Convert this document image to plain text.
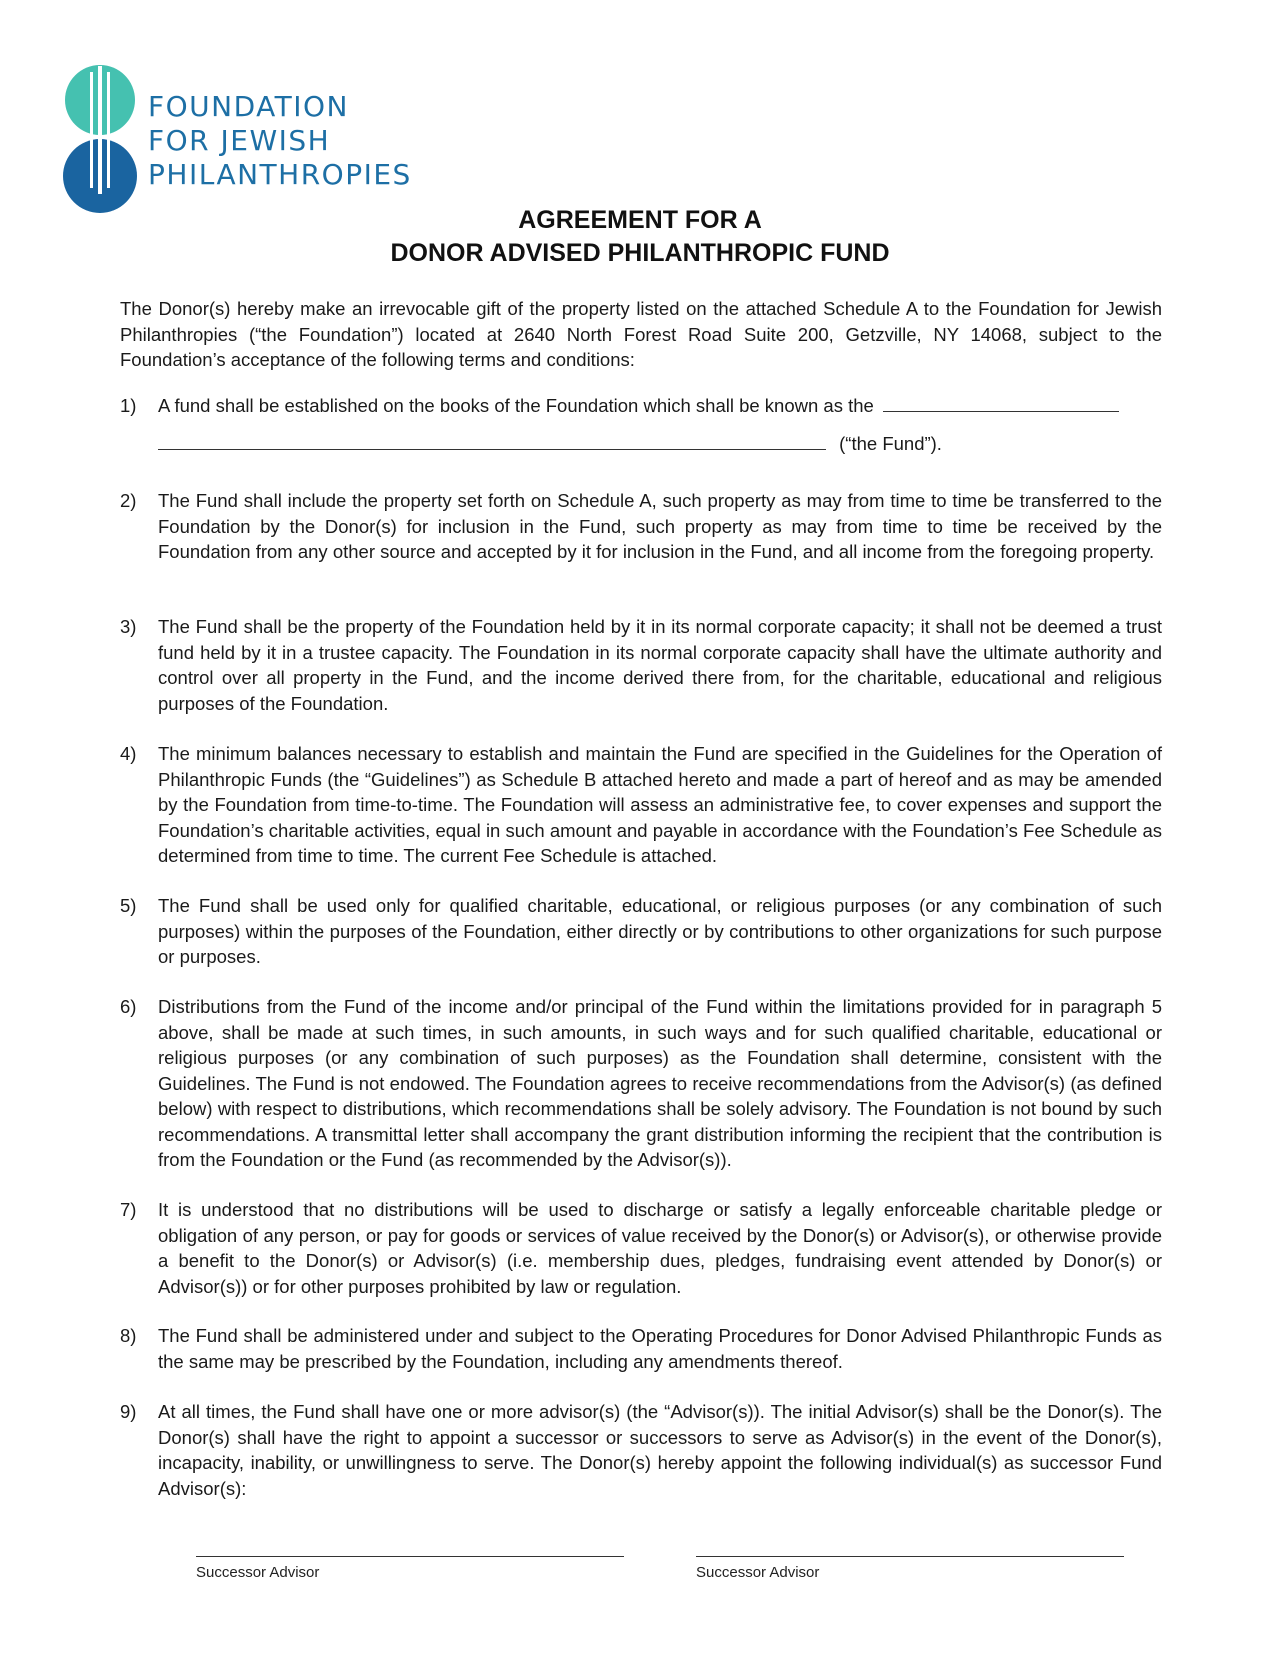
FOUNDATION
FOR JEWISH
PHILANTHROPIES
AGREEMENT FOR A
DONOR ADVISED PHILANTHROPIC FUND

The Donor(s) hereby make an irrevocable gift of the property listed on the attached Schedule A to the Foundation for Jewish Philanthropies (“the Foundation”) located at 2640 North Forest Road Suite 200, Getzville, NY 14068, subject to the Foundation’s acceptance of the following terms and conditions:

1)	A fund shall be established on the books of the Foundation which shall be known as the
(“the Fund”).
2)	The Fund shall include the property set forth on Schedule A, such property as may from time to time be transferred to the Foundation by the Donor(s) for inclusion in the Fund, such property as may from time to time be received by the Foundation from any other source and accepted by it for inclusion in the Fund, and all income from the foregoing property.
3)	The Fund shall be the property of the Foundation held by it in its normal corporate capacity; it shall not be deemed a trust fund held by it in a trustee capacity. The Foundation in its normal corporate capacity shall have the ultimate authority and control over all property in the Fund, and the income derived there from, for the charitable, educational and religious purposes of the Foundation.
4)	The minimum balances necessary to establish and maintain the Fund are specified in the Guidelines for the Operation of Philanthropic Funds (the “Guidelines”) as Schedule B attached hereto and made a part of hereof and as may be amended by the Foundation from time-to-time. The Foundation will assess an administrative fee, to cover expenses and support the Foundation’s charitable activities, equal in such amount and payable in accordance with the Foundation’s Fee Schedule as determined from time to time. The current Fee Schedule is attached.
5)	The Fund shall be used only for qualified charitable, educational, or religious purposes (or any combination of such purposes) within the purposes of the Foundation, either directly or by contributions to other organizations for such purpose or purposes.
6)	Distributions from the Fund of the income and/or principal of the Fund within the limitations provided for in paragraph 5 above, shall be made at such times, in such amounts, in such ways and for such qualified charitable, educational or religious purposes (or any combination of such purposes) as the Foundation shall determine, consistent with the Guidelines. The Fund is not endowed. The Foundation agrees to receive recommendations from the Advisor(s) (as defined below) with respect to distributions, which recommendations shall be solely advisory. The Foundation is not bound by such recommendations. A transmittal letter shall accompany the grant distribution informing the recipient that the contribution is from the Foundation or the Fund (as recommended by the Advisor(s)).
7)	It is understood that no distributions will be used to discharge or satisfy a legally enforceable charitable pledge or obligation of any person, or pay for goods or services of value received by the Donor(s) or Advisor(s), or otherwise provide a benefit to the Donor(s) or Advisor(s) (i.e. membership dues, pledges, fundraising event attended by Donor(s) or Advisor(s)) or for other purposes prohibited by law or regulation.
8)	The Fund shall be administered under and subject to the Operating Procedures for Donor Advised Philanthropic Funds as the same may be prescribed by the Foundation, including any amendments thereof.
9)	At all times, the Fund shall have one or more advisor(s) (the “Advisor(s)). The initial Advisor(s) shall be the Donor(s). The Donor(s) shall have the right to appoint a successor or successors to serve as Advisor(s) in the event of the Donor(s), incapacity, inability, or unwillingness to serve. The Donor(s) hereby appoint the following individual(s) as successor Fund Advisor(s):
Successor Advisor	Successor Advisor
